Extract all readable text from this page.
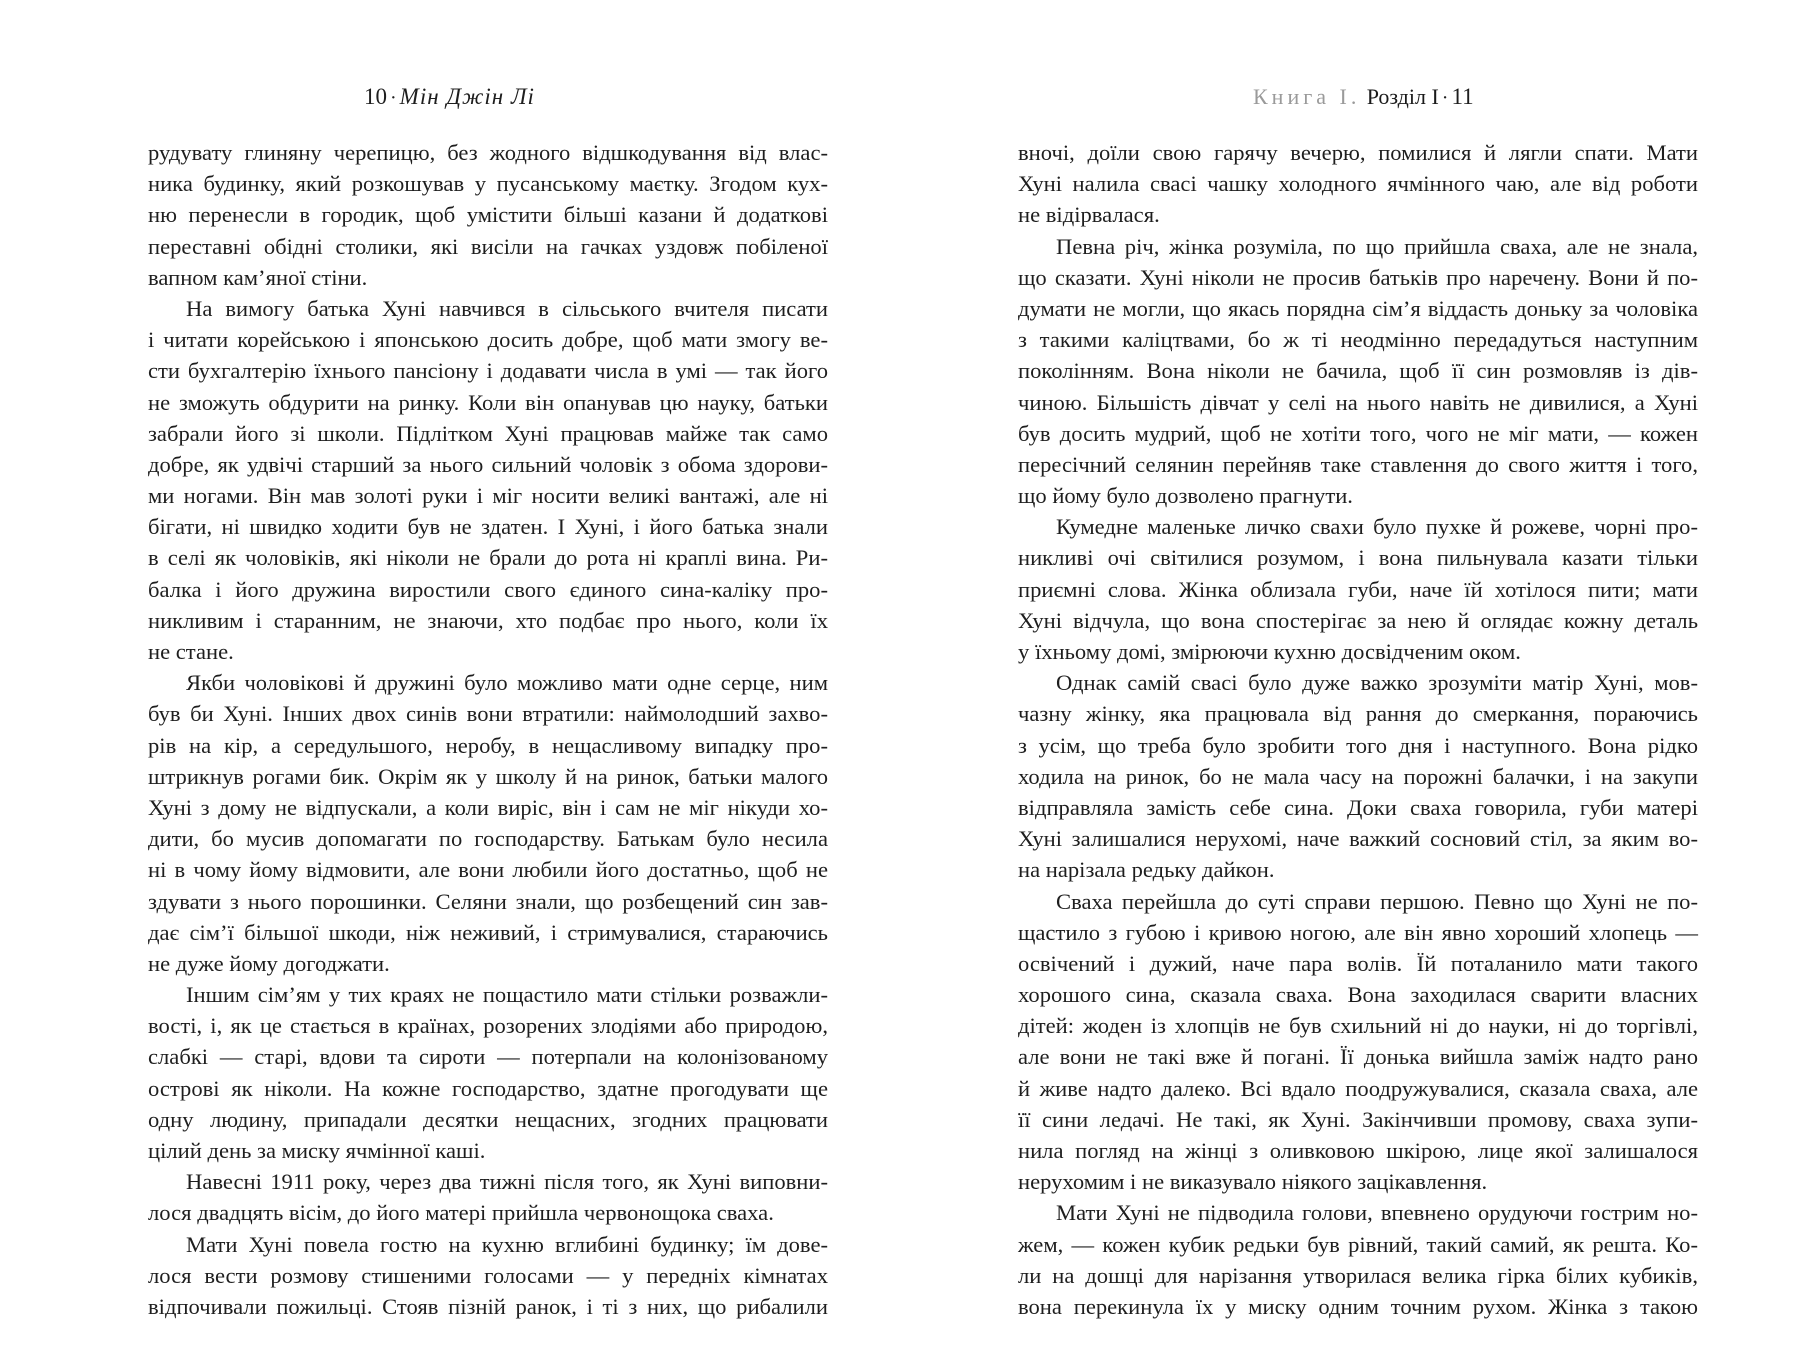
10 · Мін Джін Лі
рудувату глиняну черепицю, без жодного відшкодування від влас-
ника будинку, який розкошував у пусанському маєтку. Згодом кух-
ню перенесли в городик, щоб умістити більші казани й додаткові
переставні обідні столики, які висіли на гачках уздовж побіленої
вапном кам’яної стіни.
На вимогу батька Хуні навчився в сільського вчителя писати
і читати корейською і японською досить добре, щоб мати змогу ве-
сти бухгалтерію їхнього пансіону і додавати числа в умі — так його
не зможуть обдурити на ринку. Коли він опанував цю науку, батьки
забрали його зі школи. Підлітком Хуні працював майже так само
добре, як удвічі старший за нього сильний чоловік з обома здорови-
ми ногами. Він мав золоті руки і міг носити великі вантажі, але ні
бігати, ні швидко ходити був не здатен. І Хуні, і його батька знали
в селі як чоловіків, які ніколи не брали до рота ні краплі вина. Ри-
балка і його дружина виростили свого єдиного сина-каліку про-
никливим і старанним, не знаючи, хто подбає про нього, коли їх
не стане.
Якби чоловікові й дружині було можливо мати одне серце, ним
був би Хуні. Інших двох синів вони втратили: наймолодший захво-
рів на кір, а середульшого, неробу, в нещасливому випадку про-
штрикнув рогами бик. Окрім як у школу й на ринок, батьки малого
Хуні з дому не відпускали, а коли виріс, він і сам не міг нікуди хо-
дити, бо мусив допомагати по господарству. Батькам було несила
ні в чому йому відмовити, але вони любили його достатньо, щоб не
здувати з нього порошинки. Селяни знали, що розбещений син зав-
дає сім’ї більшої шкоди, ніж неживий, і стримувалися, стараючись
не дуже йому догоджати.
Іншим сім’ям у тих краях не пощастило мати стільки розважли-
вості, і, як це стається в країнах, розорених злодіями або природою,
слабкі — старі, вдови та сироти — потерпали на колонізованому
острові як ніколи. На кожне господарство, здатне прогодувати ще
одну людину, припадали десятки нещасних, згодних працювати
цілий день за миску ячмінної каші.
Навесні 1911 року, через два тижні після того, як Хуні виповни-
лося двадцять вісім, до його матері прийшла червонощока сваха.
Мати Хуні повела гостю на кухню вглибині будинку; їм дове-
лося вести розмову стишеними голосами — у передніх кімнатах
відпочивали пожильці. Стояв пізній ранок, і ті з них, що рибалили
Книга I. Розділ I · 11
вночі, доїли свою гарячу вечерю, помилися й лягли спати. Мати
Хуні налила свасі чашку холодного ячмінного чаю, але від роботи
не відірвалася.
Певна річ, жінка розуміла, по що прийшла сваха, але не знала,
що сказати. Хуні ніколи не просив батьків про наречену. Вони й по-
думати не могли, що якась порядна сім’я віддасть доньку за чоловіка
з такими каліцтвами, бо ж ті неодмінно передадуться наступним
поколінням. Вона ніколи не бачила, щоб її син розмовляв із дів-
чиною. Більшість дівчат у селі на нього навіть не дивилися, а Хуні
був досить мудрий, щоб не хотіти того, чого не міг мати, — кожен
пересічний селянин перейняв таке ставлення до свого життя і того,
що йому було дозволено прагнути.
Кумедне маленьке личко свахи було пухке й рожеве, чорні про-
никливі очі світилися розумом, і вона пильнувала казати тільки
приємні слова. Жінка облизала губи, наче їй хотілося пити; мати
Хуні відчула, що вона спостерігає за нею й оглядає кожну деталь
у їхньому домі, змірюючи кухню досвідченим оком.
Однак самій свасі було дуже важко зрозуміти матір Хуні, мов-
чазну жінку, яка працювала від рання до смеркання, пораючись
з усім, що треба було зробити того дня і наступного. Вона рідко
ходила на ринок, бо не мала часу на порожні балачки, і на закупи
відправляла замість себе сина. Доки сваха говорила, губи матері
Хуні залишалися нерухомі, наче важкий сосновий стіл, за яким во-
на нарізала редьку дайкон.
Сваха перейшла до суті справи першою. Певно що Хуні не по-
щастило з губою і кривою ногою, але він явно хороший хлопець —
освічений і дужий, наче пара волів. Їй поталанило мати такого
хорошого сина, сказала сваха. Вона заходилася сварити власних
дітей: жоден із хлопців не був схильний ні до науки, ні до торгівлі,
але вони не такі вже й погані. Її донька вийшла заміж надто рано
й живе надто далеко. Всі вдало поодружувалися, сказала сваха, але
її сини ледачі. Не такі, як Хуні. Закінчивши промову, сваха зупи-
нила погляд на жінці з оливковою шкірою, лице якої залишалося
нерухомим і не виказувало ніякого зацікавлення.
Мати Хуні не підводила голови, впевнено орудуючи гострим но-
жем, — кожен кубик редьки був рівний, такий самий, як решта. Ко-
ли на дошці для нарізання утворилася велика гірка білих кубиків,
вона перекинула їх у миску одним точним рухом. Жінка з такою
